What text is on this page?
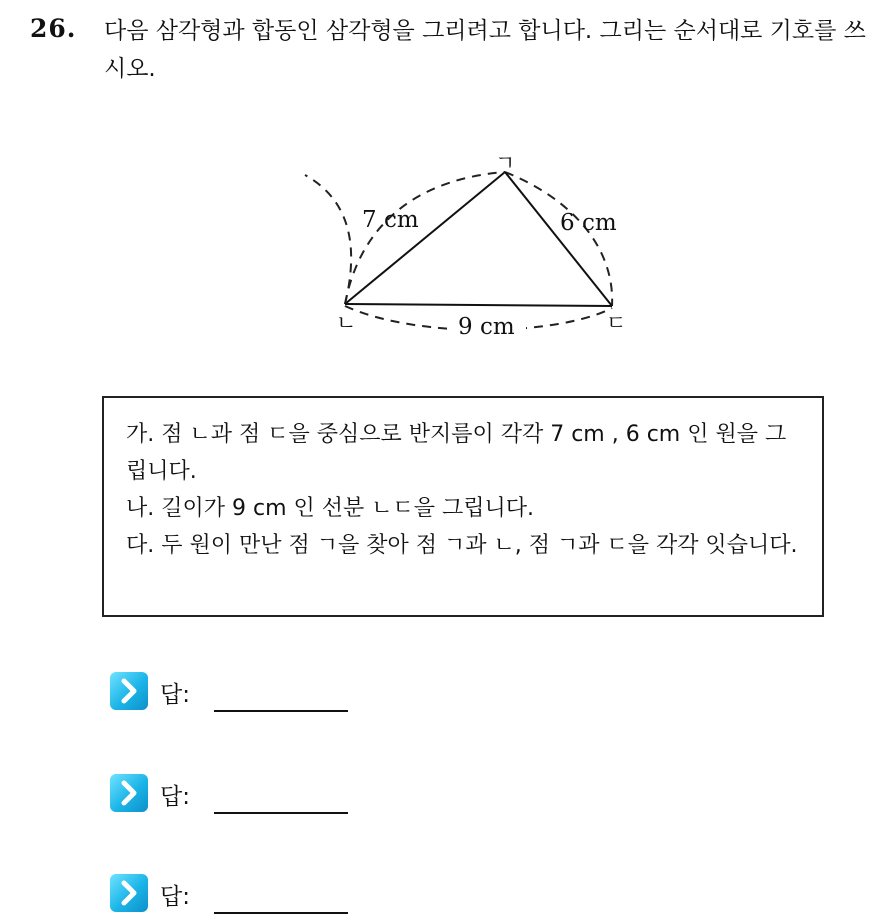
26. 다음 삼각형과 합동인 삼각형을 그리려고 합니다. 그리는 순서대로 기호를 쓰시오.
ㄱ
ㄴ	ㄷ
7 cm	6 cm
9 cm
가. 점 ㄴ과 점 ㄷ을 중심으로 반지름이 각각 7 cm , 6 cm 인 원을 그립니다.
나. 길이가 9 cm 인 선분 ㄴㄷ을 그립니다.
다. 두 원이 만난 점 ㄱ을 찾아 점 ㄱ과 ㄴ, 점 ㄱ과 ㄷ을 각각 잇습니다.
답:
답:
답:
